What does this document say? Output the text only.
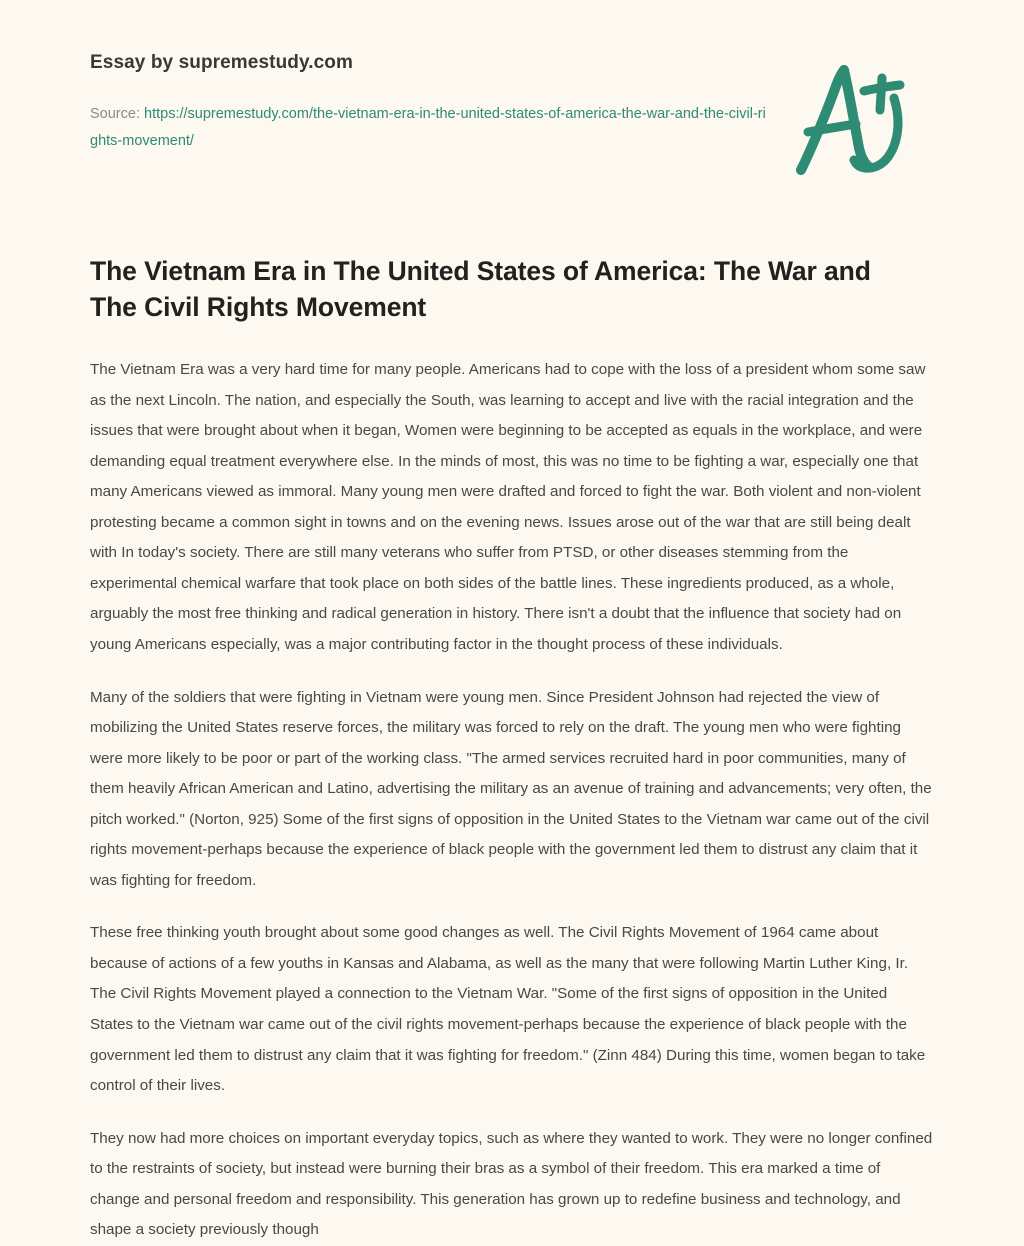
Essay by supremestudy.com

Source: https://supremestudy.com/the-vietnam-era-in-the-united-states-of-america-the-war-and-the-civil-rights-movement/

The Vietnam Era in The United States of America: The War and The Civil Rights Movement

The Vietnam Era was a very hard time for many people. Americans had to cope with the loss of a president whom some saw as the next Lincoln. The nation, and especially the South, was learning to accept and live with the racial integration and the issues that were brought about when it began, Women were beginning to be accepted as equals in the workplace, and were demanding equal treatment everywhere else. In the minds of most, this was no time to be fighting a war, especially one that many Americans viewed as immoral. Many young men were drafted and forced to fight the war. Both violent and non-violent protesting became a common sight in towns and on the evening news. Issues arose out of the war that are still being dealt with In today's society. There are still many veterans who suffer from PTSD, or other diseases stemming from the experimental chemical warfare that took place on both sides of the battle lines. These ingredients produced, as a whole, arguably the most free thinking and radical generation in history. There isn't a doubt that the influence that society had on young Americans especially, was a major contributing factor in the thought process of these individuals.

Many of the soldiers that were fighting in Vietnam were young men. Since President Johnson had rejected the view of mobilizing the United States reserve forces, the military was forced to rely on the draft. The young men who were fighting were more likely to be poor or part of the working class. "The armed services recruited hard in poor communities, many of them heavily African American and Latino, advertising the military as an avenue of training and advancements; very often, the pitch worked." (Norton, 925) Some of the first signs of opposition in the United States to the Vietnam war came out of the civil rights movement-perhaps because the experience of black people with the government led them to distrust any claim that it was fighting for freedom.

These free thinking youth brought about some good changes as well. The Civil Rights Movement of 1964 came about because of actions of a few youths in Kansas and Alabama, as well as the many that were following Martin Luther King, Ir. The Civil Rights Movement played a connection to the Vietnam War. "Some of the first signs of opposition in the United States to the Vietnam war came out of the civil rights movement-perhaps because the experience of black people with the government led them to distrust any claim that it was fighting for freedom." (Zinn 484) During this time, women began to take control of their lives.

They now had more choices on important everyday topics, such as where they wanted to work. They were no longer confined to the restraints of society, but instead were burning their bras as a symbol of their freedom. This era marked a time of change and personal freedom and responsibility. This generation has grown up to redefine business and technology, and shape a society previously though
